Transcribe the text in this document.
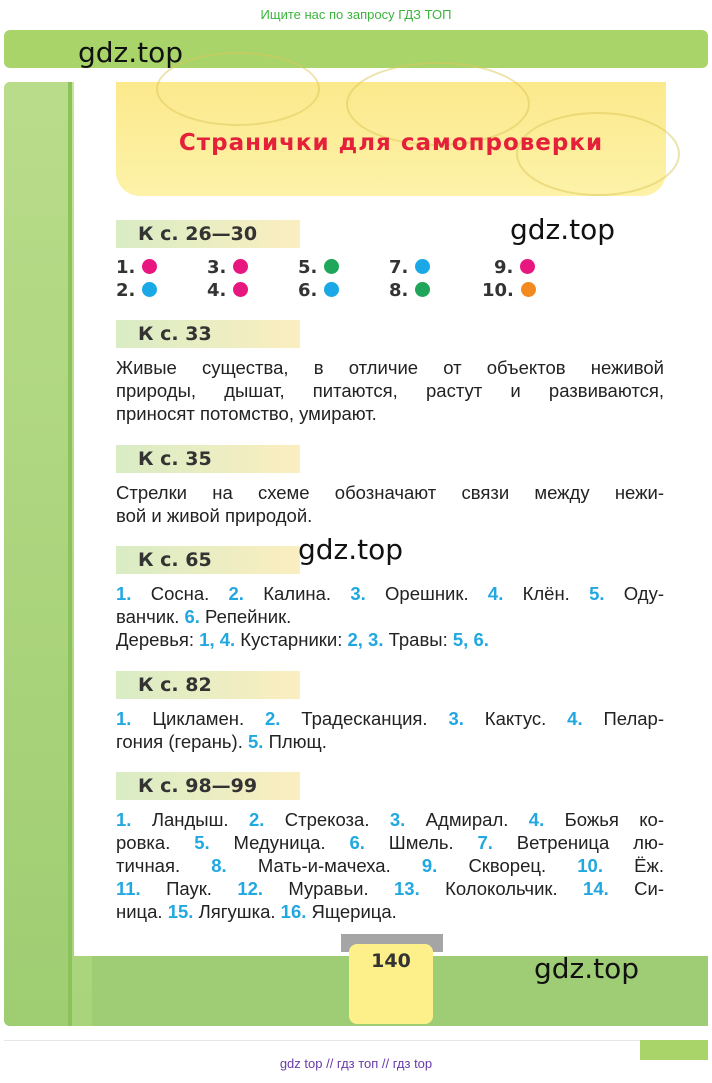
Ищите нас по запросу ГДЗ ТОП
gdz.top
Странички для самопроверки
gdz.top
К с. 26—30
1.
2.
3.
4.
5.
6.
7.
8.
9.
10.
К с. 33
Живые существа, в отличие от объектов неживой
природы, дышат, питаются, растут и развиваются,
приносят потомство, умирают.
К с. 35
Стрелки на схеме обозначают связи между нежи-
вой и живой природой.
К с. 65	gdz.top
1. Сосна. 2. Калина. 3. Орешник. 4. Клён. 5. Оду-
ванчик. 6. Репейник.
Деревья: 1, 4. Кустарники: 2, 3. Травы: 5, 6.
К с. 82
1. Цикламен. 2. Традесканция. 3. Кактус. 4. Пелар-
гония (герань). 5. Плющ.
К с. 98—99
1. Ландыш. 2. Стрекоза. 3. Адмирал. 4. Божья ко-
ровка. 5. Медуница. 6. Шмель. 7. Ветреница лю-
тичная. 8. Мать-и-мачеха. 9. Скворец. 10. Ёж.
11. Паук. 12. Муравьи. 13. Колокольчик. 14. Си-
ница. 15. Лягушка. 16. Ящерица.
140	gdz.top
gdz top // гдз топ // гдз top
